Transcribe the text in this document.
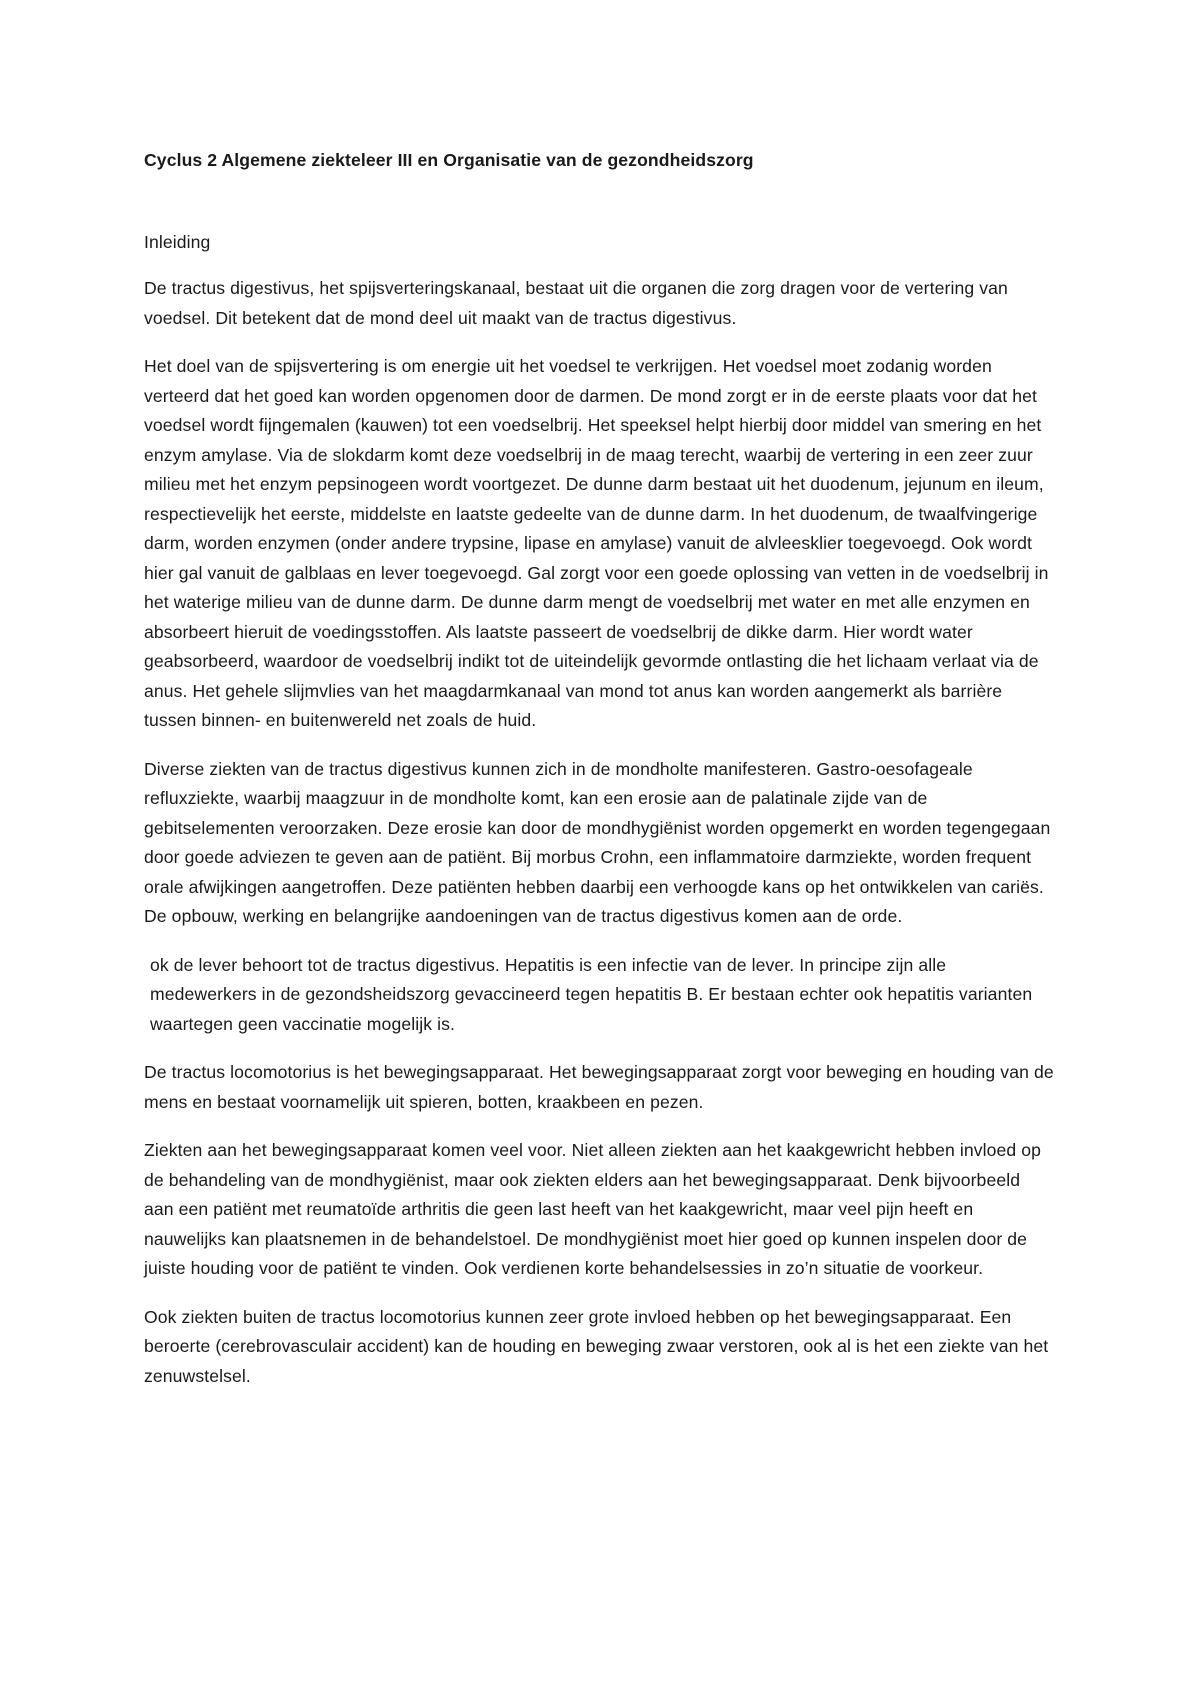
Cyclus 2 Algemene ziekteleer III en Organisatie van de gezondheidszorg
Inleiding

De tractus digestivus, het spijsverteringskanaal, bestaat uit die organen die zorg dragen voor de vertering van voedsel. Dit betekent dat de mond deel uit maakt van de tractus digestivus.

Het doel van de spijsvertering is om energie uit het voedsel te verkrijgen. Het voedsel moet zodanig worden verteerd dat het goed kan worden opgenomen door de darmen. De mond zorgt er in de eerste plaats voor dat het voedsel wordt fijngemalen (kauwen) tot een voedselbrij. Het speeksel helpt hierbij door middel van smering en het enzym amylase. Via de slokdarm komt deze voedselbrij in de maag terecht, waarbij de vertering in een zeer zuur milieu met het enzym pepsinogeen wordt voortgezet. De dunne darm bestaat uit het duodenum, jejunum en ileum, respectievelijk het eerste, middelste en laatste gedeelte van de dunne darm. In het duodenum, de twaalfvingerige darm, worden enzymen (onder andere trypsine, lipase en amylase) vanuit de alvleesklier toegevoegd. Ook wordt hier gal vanuit de galblaas en lever toegevoegd. Gal zorgt voor een goede oplossing van vetten in de voedselbrij in het waterige milieu van de dunne darm. De dunne darm mengt de voedselbrij met water en met alle enzymen en absorbeert hieruit de voedingsstoffen. Als laatste passeert de voedselbrij de dikke darm. Hier wordt water geabsorbeerd, waardoor de voedselbrij indikt tot de uiteindelijk gevormde ontlasting die het lichaam verlaat via de anus. Het gehele slijmvlies van het maagdarmkanaal van mond tot anus kan worden aangemerkt als barrière tussen binnen- en buitenwereld net zoals de huid.

Diverse ziekten van de tractus digestivus kunnen zich in de mondholte manifesteren. Gastro-oesofageale refluxziekte, waarbij maagzuur in de mondholte komt, kan een erosie aan de palatinale zijde van de gebitselementen veroorzaken. Deze erosie kan door de mondhygiënist worden opgemerkt en worden tegengegaan door goede adviezen te geven aan de patiënt. Bij morbus Crohn, een inflammatoire darmziekte, worden frequent orale afwijkingen aangetroffen. Deze patiënten hebben daarbij een verhoogde kans op het ontwikkelen van cariës. De opbouw, werking en belangrijke aandoeningen van de tractus digestivus komen aan de orde.

ok de lever behoort tot de tractus digestivus. Hepatitis is een infectie van de lever. In principe zijn alle medewerkers in de gezondsheidszorg gevaccineerd tegen hepatitis B. Er bestaan echter ook hepatitis varianten waartegen geen vaccinatie mogelijk is.

De tractus locomotorius is het bewegingsapparaat. Het bewegingsapparaat zorgt voor beweging en houding van de mens en bestaat voornamelijk uit spieren, botten, kraakbeen en pezen.

Ziekten aan het bewegingsapparaat komen veel voor. Niet alleen ziekten aan het kaakgewricht hebben invloed op de behandeling van de mondhygiënist, maar ook ziekten elders aan het bewegingsapparaat. Denk bijvoorbeeld aan een patiënt met reumatoïde arthritis die geen last heeft van het kaakgewricht, maar veel pijn heeft en nauwelijks kan plaatsnemen in de behandelstoel. De mondhygiënist moet hier goed op kunnen inspelen door de juiste houding voor de patiënt te vinden. Ook verdienen korte behandelsessies in zo’n situatie de voorkeur.

Ook ziekten buiten de tractus locomotorius kunnen zeer grote invloed hebben op het bewegingsapparaat. Een beroerte (cerebrovasculair accident) kan de houding en beweging zwaar verstoren, ook al is het een ziekte van het zenuwstelsel.
